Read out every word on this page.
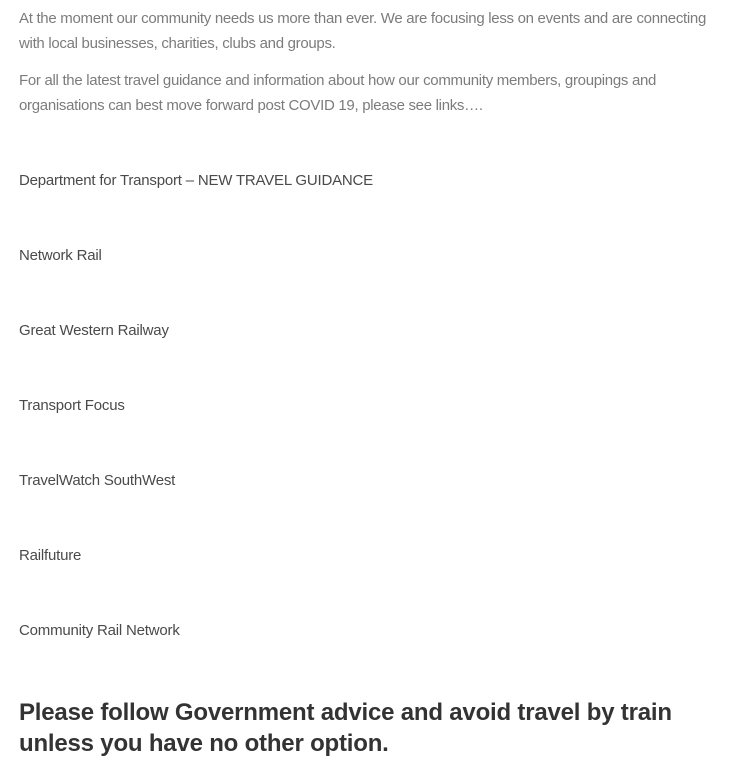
At the moment our community needs us more than ever. We are focusing less on events and are connecting with local businesses, charities, clubs and groups.

For all the latest travel guidance and information about how our community members, groupings and organisations can best move forward post COVID 19, please see links….

Department for Transport – NEW TRAVEL GUIDANCE
Network Rail
Great Western Railway
Transport Focus
TravelWatch SouthWest
Railfuture
Community Rail Network
Please follow Government advice and avoid travel by train unless you have no other option.
